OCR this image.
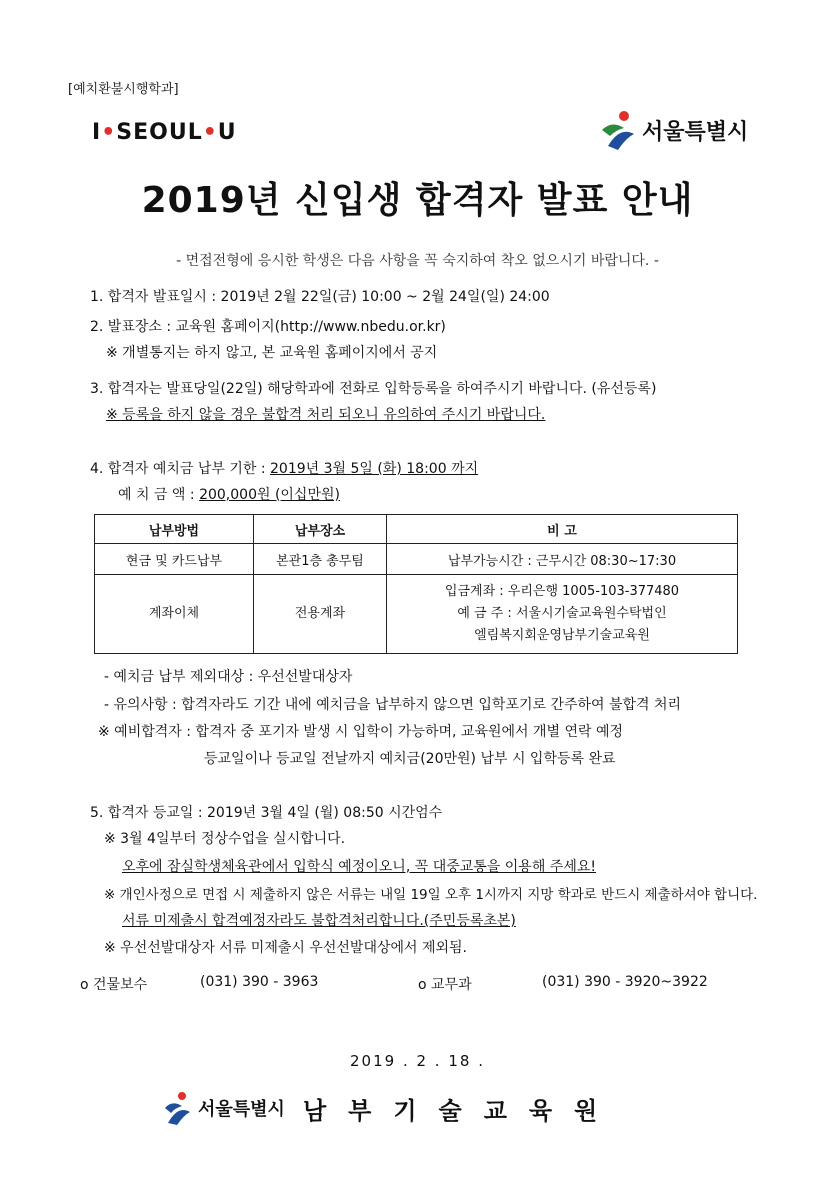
[예치환불시행학과]
I•SEOUL•U	서울특별시
2019년 신입생 합격자 발표 안내
- 면접전형에 응시한 학생은 다음 사항을 꼭 숙지하여 착오 없으시기 바랍니다. -
1. 합격자 발표일시 : 2019년 2월 22일(금) 10:00 ~ 2월 24일(일) 24:00
2. 발표장소 : 교육원 홈페이지(http://www.nbedu.or.kr)
※ 개별통지는 하지 않고, 본 교육원 홈페이지에서 공지
3. 합격자는 발표당일(22일) 해당학과에 전화로 입학등록을 하여주시기 바랍니다. (유선등록)
※ 등록을 하지 않을 경우 불합격 처리 되오니 유의하여 주시기 바랍니다.
4. 합격자 예치금 납부 기한 : 2019년 3월 5일 (화) 18:00 까지
예 치 금 액 : 200,000원 (이십만원)
납부방법	납부장소	비 고
현금 및 카드납부	본관1층 총무팀	납부가능시간 : 근무시간 08:30~17:30
계좌이체	전용계좌	입금계좌 : 우리은행 1005-103-377480
예 금 주 : 서울시기술교육원수탁법인
엘림복지회운영남부기술교육원
- 예치금 납부 제외대상 : 우선선발대상자
- 유의사항 : 합격자라도 기간 내에 예치금을 납부하지 않으면 입학포기로 간주하여 불합격 처리
※ 예비합격자 : 합격자 중 포기자 발생 시 입학이 가능하며, 교육원에서 개별 연락 예정
등교일이나 등교일 전날까지 예치금(20만원) 납부 시 입학등록 완료
5. 합격자 등교일 : 2019년 3월 4일 (월) 08:50 시간엄수
※ 3월 4일부터 정상수업을 실시합니다.
오후에 잠실학생체육관에서 입학식 예정이오니, 꼭 대중교통을 이용해 주세요!
※ 개인사정으로 면접 시 제출하지 않은 서류는 내일 19일 오후 1시까지 지망 학과로 반드시 제출하셔야 합니다.
서류 미제출시 합격예정자라도 불합격처리합니다.(주민등록초본)
※ 우선선발대상자 서류 미제출시 우선선발대상에서 제외됨.
o 건물보수	(031) 390 - 3963	o 교무과	(031) 390 - 3920~3922
2019 . 2 . 18 .
서울특별시 남부기술교육원
